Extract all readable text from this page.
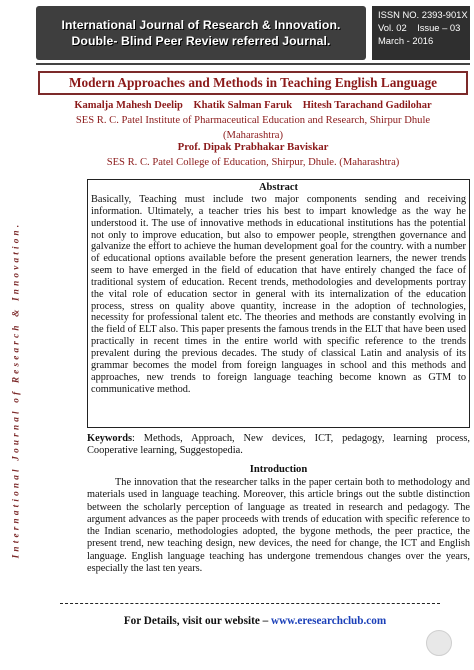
International Journal of Research & Innovation.
Double- Blind Peer Review referred Journal.
ISSN NO. 2393-901X
Vol. 02 Issue – 03
March - 2016
Modern Approaches and Methods in Teaching English Language
Kamalja Mahesh Deelip Khatik Salman Faruk Hitesh Tarachand Gadilohar
SES R. C. Patel Institute of Pharmaceutical Education and Research, Shirpur Dhule
(Maharashtra)
Prof. Dipak Prabhakar Baviskar
SES R. C. Patel College of Education, Shirpur, Dhule. (Maharashtra)
International Journal of Research & Innovation.
Abstract

Basically, Teaching must include two major components sending and receiving information. Ultimately, a teacher tries his best to impart knowledge as the way he understood it. The use of innovative methods in educational institutions has the potential not only to improve education, but also to empower people, strengthen governance and galvanize the effort to achieve the human development goal for the country. with a number of educational options available before the present generation learners, the newer trends seem to have emerged in the field of education that have entirely changed the face of traditional system of education. Recent trends, methodologies and developments portray the vital role of education sector in general with its internalization of the education process, stress on quality above quantity, increase in the adoption of technologies, necessity for professional talent etc. The theories and methods are constantly evolving in the field of ELT also. This paper presents the famous trends in the ELT that have been used practically in recent times in the entire world with specific reference to the trends prevalent during the previous decades. The study of classical Latin and analysis of its grammar becomes the model from foreign languages in school and this methods and approaches, new trends to foreign language teaching become known as GTM to communicative method.

Keywords: Methods, Approach, New devices, ICT, pedagogy, learning process, Cooperative learning, Suggestopedia.
Introduction

The innovation that the researcher talks in the paper certain both to methodology and materials used in language teaching. Moreover, this article brings out the subtle distinction between the scholarly perception of language as treated in research and pedagogy. The argument advances as the paper proceeds with trends of education with specific reference to the Indian scenario, methodologies adopted, the bygone methods, the peer practice, the present trend, new teaching design, new devices, the need for change, the ICT and English language. English language teaching has undergone tremendous changes over the years, especially the last ten years.

For Details, visit our website – www.eresearchclub.com
